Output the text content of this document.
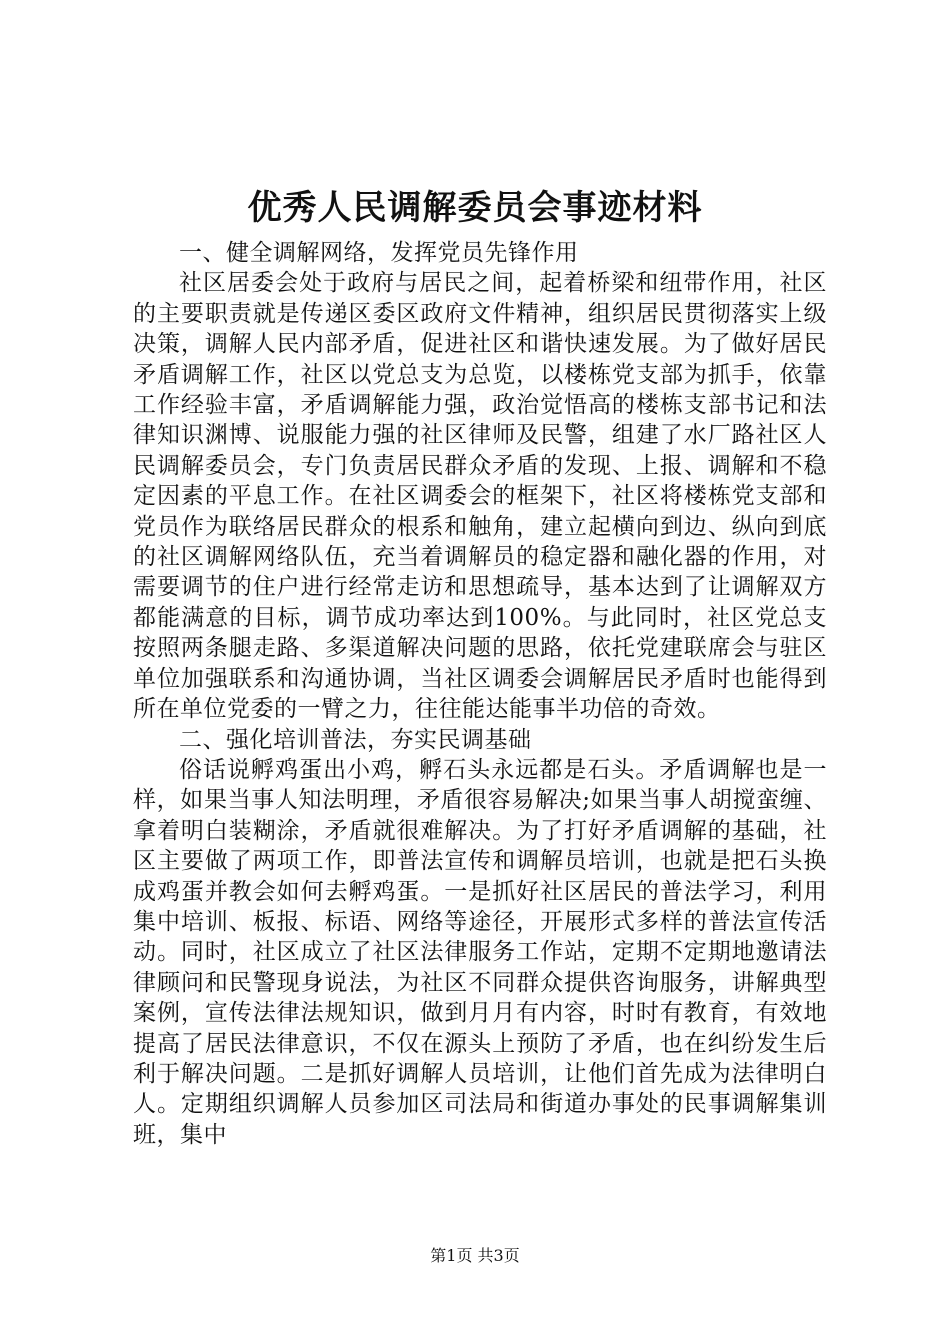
优秀人民调解委员会事迹材料

一、健全调解网络，发挥党员先锋作用

社区居委会处于政府与居民之间，起着桥梁和纽带作用，社区的主要职责就是传递区委区政府文件精神，组织居民贯彻落实上级决策，调解人民内部矛盾，促进社区和谐快速发展。为了做好居民矛盾调解工作，社区以党总支为总览，以楼栋党支部为抓手，依靠工作经验丰富，矛盾调解能力强，政治觉悟高的楼栋支部书记和法律知识渊博、说服能力强的社区律师及民警，组建了水厂路社区人民调解委员会，专门负责居民群众矛盾的发现、上报、调解和不稳定因素的平息工作。在社区调委会的框架下，社区将楼栋党支部和党员作为联络居民群众的根系和触角，建立起横向到边、纵向到底的社区调解网络队伍，充当着调解员的稳定器和融化器的作用，对需要调节的住户进行经常走访和思想疏导，基本达到了让调解双方都能满意的目标，调节成功率达到100%。与此同时，社区党总支按照两条腿走路、多渠道解决问题的思路，依托党建联席会与驻区单位加强联系和沟通协调，当社区调委会调解居民矛盾时也能得到所在单位党委的一臂之力，往往能达能事半功倍的奇效。

二、强化培训普法，夯实民调基础

俗话说孵鸡蛋出小鸡，孵石头永远都是石头。矛盾调解也是一样，如果当事人知法明理，矛盾很容易解决;如果当事人胡搅蛮缠、拿着明白装糊涂，矛盾就很难解决。为了打好矛盾调解的基础，社区主要做了两项工作，即普法宣传和调解员培训，也就是把石头换成鸡蛋并教会如何去孵鸡蛋。一是抓好社区居民的普法学习，利用集中培训、板报、标语、网络等途径，开展形式多样的普法宣传活动。同时，社区成立了社区法律服务工作站，定期不定期地邀请法律顾问和民警现身说法，为社区不同群众提供咨询服务，讲解典型案例，宣传法律法规知识，做到月月有内容，时时有教育，有效地提高了居民法律意识，不仅在源头上预防了矛盾，也在纠纷发生后利于解决问题。二是抓好调解人员培训，让他们首先成为法律明白人。定期组织调解人员参加区司法局和街道办事处的民事调解集训班，集中

第1页 共3页
